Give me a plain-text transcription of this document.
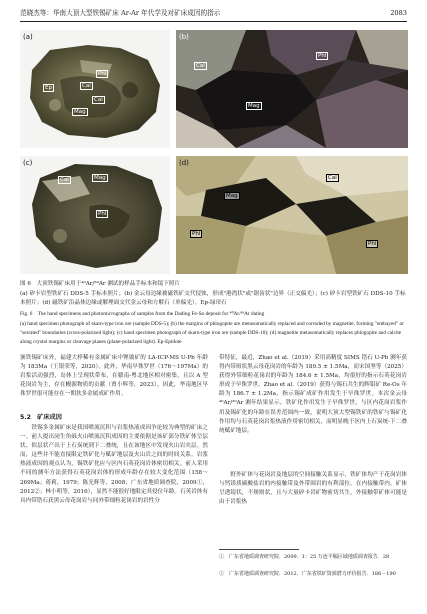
范晓杰等：华南大顶大型铁锡矿床 Ar-Ar 年代学及对矿床成因的指示	2083
(a)
Cal
Phl
Ep
Cal
Mag
(b)
Cal
Phl
Mag
(c)
Cal	Mag
Phl
(d)
Mag
Cal
Phl
Phl
图 6　大顶铁锡矿床用于⁴⁰Ar/³⁹Ar 测试的样品手标本和镜下照片
(a) 矽卡岩型铁矿石 DDS-5 手标本照片；(b) 金云母边缘被磁铁矿交代侵蚀，形成"港湾状"或"锯齿状"边界（正交偏光）；(c) 矽卡岩型铁矿石 DDS-10 手标本照片；(d) 磁铁矿沿晶体边缘或解理面交代金云母和方解石（单偏光）。Ep-绿帘石
Fig. 6　The hand specimens and photomicrographs of samples from the Dading Fe-Sn deposit for ⁴⁰Ar/³⁹Ar dating
(a) hand specimen photograph of skarn-type iron ore (sample DDS-5); (b) the margins of phlogopite are metasomatically replaced and corroded by magnetite, forming "embayed" or "serrated" boundaries (cross-polarized light); (c) hand specimen photograph of skarn-type iron ore (sample DDS-10); (d) magnetite metasomatically replaces phlogopite and calcite along crystal margins or cleavage planes (plane-polarized light). Ep-Epidote
颁铁锡矿床外，福建大样稀有金属矿床中锂铍矿的 LA-ICP-MS U-Pb 年龄为 183Ma（王银荣等，2020）。此外，华南早侏罗世（176～197Ma）的岩浆活动强烈，岛体上呈现状带布，在赣南-粤北地区相对密集，且以 A 型花岗岩为主，存在幔源物质的贡献（贾小辉等，2023）。因此，华南地区早侏罗世很可能存在一期扶多金属成矿作用。
5.2　矿床成因
　　铁锡多金属矿床是我国喷流沉积与岩浆热液成因争论较为典型的矿床之一。前人提出同生角砾火山喷流沉积成因的主要依据是该矿部分铁矿体呈层状、似层状产出于上石炭统到下二叠统，且在该地区中发现火山岩夹层。然而，这些并不能直接限定铁矿化与赋矿地层及火山岩之间的时间关系。岩浆热液成因的观点认为，锡铁矿化应与区内石英花岗岩体密切相关。前人采用不同的测年方法获得石英花岗岩体的形成年龄存在较大变化范围（158～269Ma；蒋莉，1979；陈光辉等，2008；广东省地质调查院，2009①，2012②；林小明等，2016），显然不能很好地限定其侵位年龄。石英岩体有具内带锆石获黑云母花岗岩与同外带细粒花岗岩的岩性分
带特征，最近，Zhao et al.（2019）采用高精度 SIMS 锆石 U-Pb 测年获得内带斑状黑云母花岗岩的年龄为 189.5 ± 1.5Ma，而宋国坚等（2025）获得外带细粒花岗岩的年龄为 184.6 ± 1.5Ma，均很好的指示石英花岗岩形成于早侏罗世。Zhao et al.（2019）获得与锡石共生的辉钼矿 Re-Os 年龄为 186.7 ± 1.2Ma，指示锡矿成矿作用发生于早侏罗世。本次金云母 ⁴⁰Ar/³⁹Ar 测年结果显示，铁矿化作用发生于早侏罗世，与区内花岗岩浆作用及锡矿化的年龄在误差范围内一致，说明大顶大型锡铁矿的铁矿与锡矿化作用均与石英花岗岩浆热液作用密切相关，而明显晚于区内上石炭统-下二叠统赋矿地层。
　　野外矿体与花岗岩及地层的空间接触关系显示，铁矿体均产于花岗岩体与钙镁质碳酸盐岩的内接触带及外带围岩的有利部位。在内接触带内，矿体呈透镜状，不规则状，且与大量矽卡岩矿物密切共生，外接触带矿体可能是由于岩浆热
①　广东省地质调查研究院．2009．1：25 万连平幅区域地质调查报告．28
②　广东省地质调查研究院．2012．广东省铁矿资源潜力评价报告．186－190
